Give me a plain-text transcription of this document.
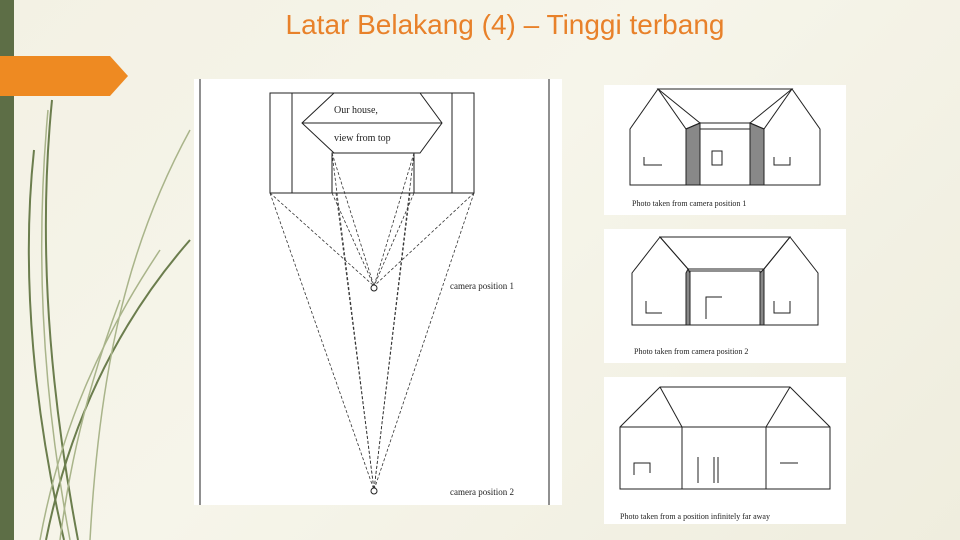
Latar Belakang (4) – Tinggi terbang
Our house,
view from top
camera position 1
camera position 2
Photo taken from camera position 1
Photo taken from camera position 2
Photo taken from a position infinitely far away
